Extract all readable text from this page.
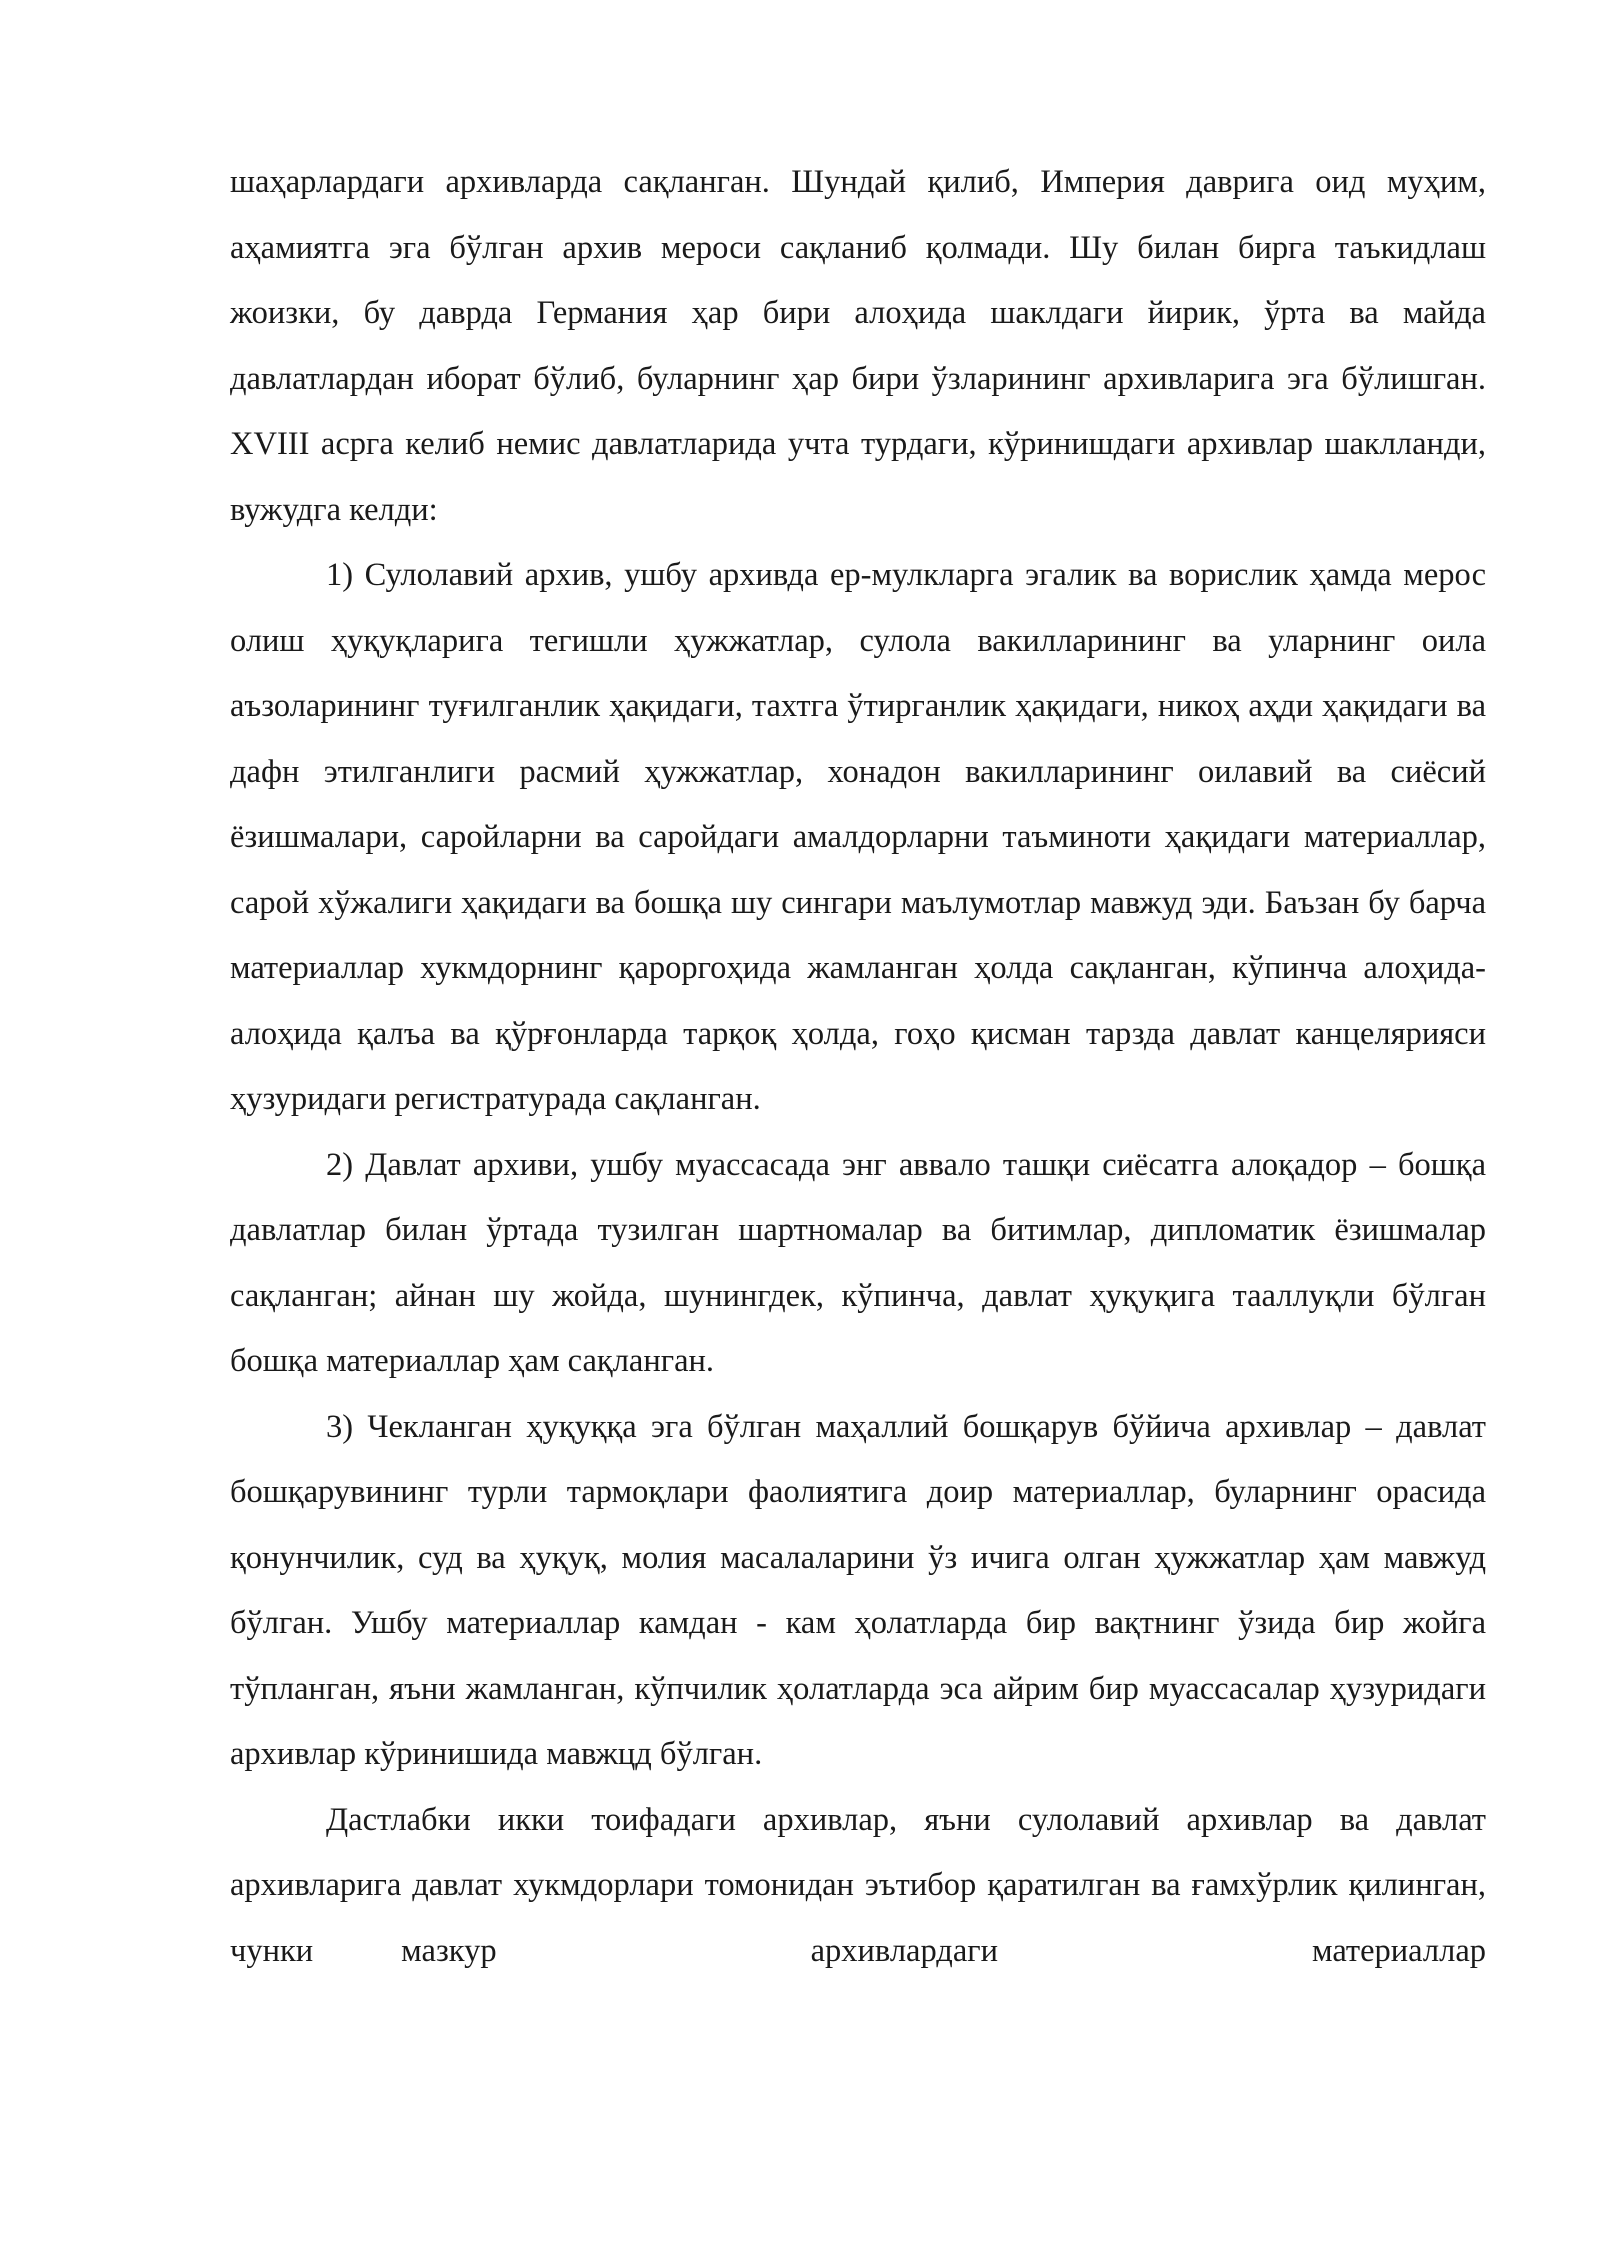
шаҳарлардаги архивларда сақланган. Шундай қилиб, Империя даврига оид муҳим, аҳамиятга эга бўлган архив мероси сақланиб қолмади. Шу билан бирга таъкидлаш жоизки, бу даврда Германия ҳар бири алоҳида шаклдаги йирик, ўрта ва майда давлатлардан иборат бўлиб, буларнинг ҳар бири ўзларининг архивларига эга бўлишган. XVIII асрга келиб немис давлатларида учта турдаги, кўринишдаги архивлар шаклланди, вужудга келди:

1) Сулолавий архив, ушбу архивда ер-мулкларга эгалик ва ворислик ҳамда мерос олиш ҳуқуқларига тегишли ҳужжатлар, сулола вакилларининг ва уларнинг оила аъзоларининг туғилганлик ҳақидаги, тахтга ўтирганлик ҳақидаги, никоҳ аҳди ҳақидаги ва дафн этилганлиги расмий ҳужжатлар, хонадон вакилларининг оилавий ва сиёсий ёзишмалари, саройларни ва саройдаги амалдорларни таъминоти ҳақидаги материаллар, сарой хўжалиги ҳақидаги ва бошқа шу сингари маълумотлар мавжуд эди. Баъзан бу барча материаллар хукмдорнинг қароргоҳида жамланган ҳолда сақланган, кўпинча алоҳида-алоҳида қалъа ва қўрғонларда тарқоқ ҳолда, гоҳо қисман тарзда давлат канцелярияси ҳузуридаги регистратурада сақланган.

2) Давлат архиви, ушбу муассасада энг аввало ташқи сиёсатга алоқадор – бошқа давлатлар билан ўртада тузилган шартномалар ва битимлар, дипломатик ёзишмалар сақланган; айнан шу жойда, шунингдек, кўпинча, давлат ҳуқуқига тааллуқли бўлган бошқа материаллар ҳам сақланган.

3) Чекланган ҳуқуққа эга бўлган маҳаллий бошқарув бўйича архивлар – давлат бошқарувининг турли тармоқлари фаолиятига доир материаллар, буларнинг орасида қонунчилик, суд ва ҳуқуқ, молия масалаларини ўз ичига олган ҳужжатлар ҳам мавжуд бўлган. Ушбу материаллар камдан - кам ҳолатларда бир вақтнинг ўзида бир жойга тўпланган, яъни жамланган, кўпчилик ҳолатларда эса айрим бир муассасалар ҳузуридаги архивлар кўринишида мавжцд бўлган.

Дастлабки икки тоифадаги архивлар, яъни сулолавий архивлар ва давлат архивларига давлат хукмдорлари томонидан эътибор қаратилган ва ғамхўрлик қилинган, чунки	мазкур архивлардаги материаллар
